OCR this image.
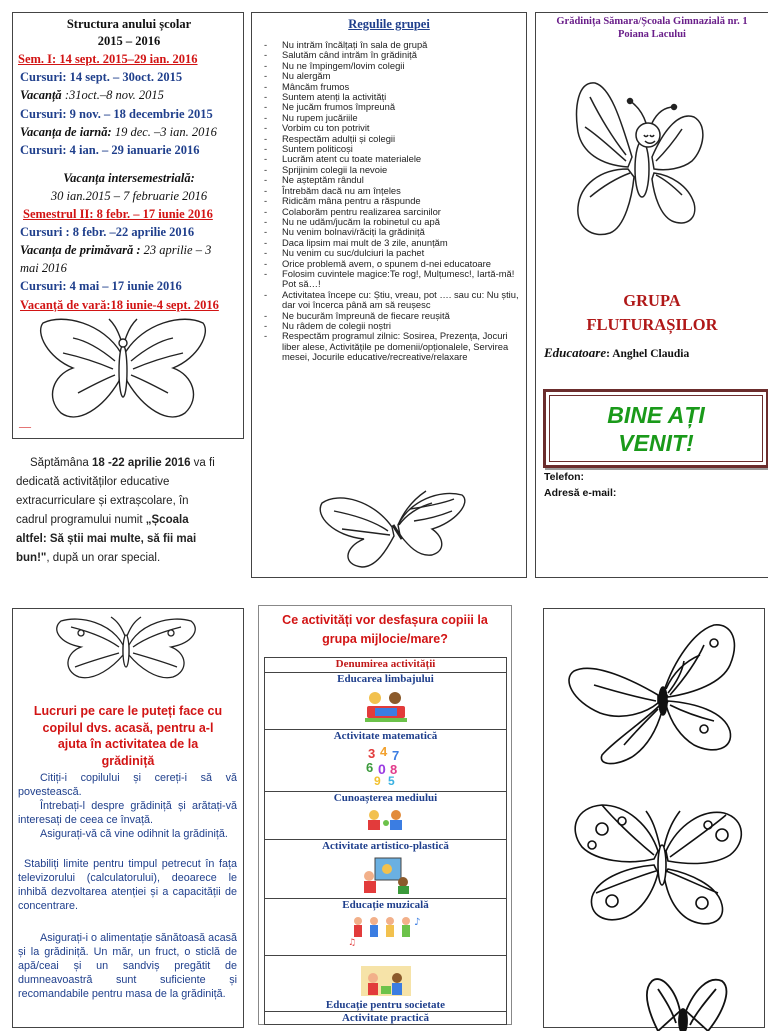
Structura anului școlar
2015 – 2016
Sem. I: 14 sept. 2015–29 ian. 2016
Cursuri: 14 sept. – 30oct. 2015
Vacanță :31oct.–8 nov. 2015
Cursuri: 9 nov. – 18 decembrie 2015
Vacanța de iarnă: 19 dec. –3 ian. 2016
Cursuri: 4 ian. – 29 ianuarie 2016
Vacanța intersemestrială:
30 ian.2015 – 7 februarie 2016
Semestrul II: 8 febr. – 17 iunie 2016
Cursuri : 8 febr. –22 aprilie 2016
Vacanța de primăvară : 23 aprilie – 3
mai 2016
Cursuri: 4 mai – 17 iunie 2016
Vacanță de vară:18 iunie-4 sept. 2016
—
Săptămâna 18 -22 aprilie 2016 va fi
dedicată activităților educative
extracurriculare și extrașcolare, în
cadrul programului numit „Școala
altfel: Să știi mai multe, să fii mai
bun!", după un orar special.
Regulile grupei
- Nu intrăm încălțați în sala de grupă
- Salutăm când intrăm în grădiniță
- Nu ne împingem/lovim colegii
- Nu alergăm
- Mâncăm frumos
- Suntem atenți la activități
- Ne jucăm frumos împreună
- Nu rupem jucăriile
- Vorbim cu ton potrivit
- Respectăm adulții și colegii
- Suntem politicoși
- Lucrăm atent cu toate materialele
- Sprijinim colegii la nevoie
- Ne așteptăm rândul
- Întrebăm dacă nu am înțeles
- Ridicăm mâna pentru a răspunde
- Colaborăm pentru realizarea sarcinilor
- Nu ne udăm/jucăm la robinetul cu apă
- Nu venim bolnavi/răciți la grădiniță
- Daca lipsim mai mult de 3 zile, anunțăm
- Nu venim cu suc/dulciuri la pachet
- Orice problemă avem, o spunem d-nei educatoare
- Folosim cuvintele magice:Te rog!, Mulțumesc!, Iartă-mă! Pot să…!
- Activitatea începe cu: Știu, vreau, pot …. sau cu: Nu știu, dar voi încerca până am să reușesc
- Ne bucurăm împreună de fiecare reușită
- Nu râdem de colegii noștri
- Respectăm programul zilnic: Sosirea, Prezența, Jocuri liber alese, Activitățile pe domenii/opționalele, Servirea mesei, Jocurile educative/recreative/relaxare
Grădinița Sămara/Școala Gimnazială nr. 1 Poiana Lacului
GRUPA
FLUTURAȘILOR
Educatoare: Anghel Claudia
BINE AȚI
VENIT!
Telefon:
Adresă e-mail:
Lucruri pe care le puteți face cu
copilul dvs. acasă, pentru a-l
ajuta în activitatea de la
grădiniță
Citiți-i copilului și cereți-i să vă povestească.
Întrebați-l despre grădiniță și arătați-vă interesați de ceea ce învață.
Asigurați-vă că vine odihnit la grădiniță.
Stabiliți limite pentru timpul petrecut în fața televizorului (calculatorului), deoarece le inhibă dezvoltarea atenției și a capacității de concentrare.
Asigurați-i o alimentație sănătoasă acasă și la grădiniță. Un măr, un fruct, o sticlă de apă/ceai și un sandviș pregătit de dumneavoastră sunt suficiente și recomandabile pentru masa de la grădiniță.
Ce activități vor desfașura copiii la
grupa mijlocie/mare?
Denumirea activității

Educarea limbajului

Activitate matematică
3 4 7
6 0 8
9 5

Cunoașterea mediului

Activitate artistico-plastică

Educație muzicală
♪
♫

Educație pentru societate

Activitate practică
